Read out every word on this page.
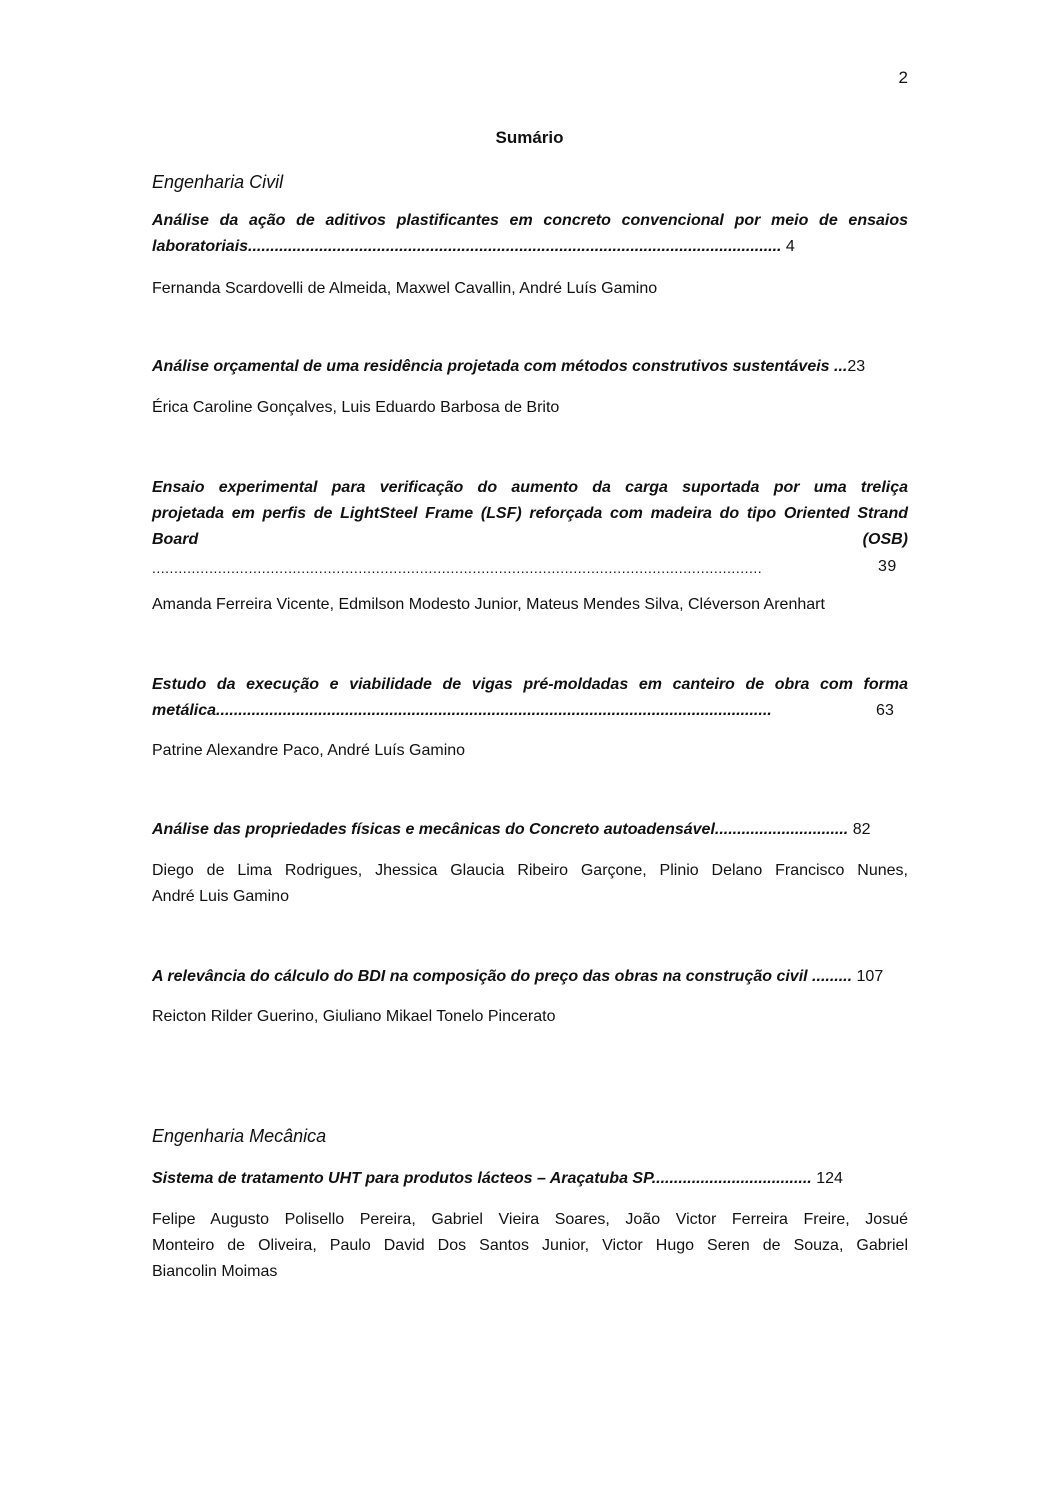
2
Sumário
Engenharia Civil
Análise da ação de aditivos plastificantes em concreto convencional por meio de ensaios
laboratoriais........................................................................................................................ 4
Fernanda Scardovelli de Almeida, Maxwel Cavallin, André Luís Gamino
Análise orçamental de uma residência projetada com métodos construtivos sustentáveis ...23
Érica Caroline Gonçalves, Luis Eduardo Barbosa de Brito
Ensaio experimental para verificação do aumento da carga suportada por uma treliça
projetada em perfis de LightSteel Frame (LSF) reforçada com madeira do tipo Oriented Strand
Board	(OSB)
...........................................................................................................................................	39
Amanda Ferreira Vicente, Edmilson Modesto Junior, Mateus Mendes Silva, Cléverson Arenhart
Estudo da execução e viabilidade de vigas pré-moldadas em canteiro de obra com forma
metálica.............................................................................................................................	63
Patrine Alexandre Paco, André Luís Gamino
Análise das propriedades físicas e mecânicas do Concreto autoadensável.............................. 82
Diego de Lima Rodrigues, Jhessica Glaucia Ribeiro Garçone, Plinio Delano Francisco Nunes,
André Luis Gamino
A relevância do cálculo do BDI na composição do preço das obras na construção civil ......... 107
Reicton Rilder Guerino, Giuliano Mikael Tonelo Pincerato
Engenharia Mecânica
Sistema de tratamento UHT para produtos lácteos – Araçatuba SP.................................... 124
Felipe Augusto Polisello Pereira, Gabriel Vieira Soares, João Victor Ferreira Freire, Josué
Monteiro de Oliveira, Paulo David Dos Santos Junior, Victor Hugo Seren de Souza, Gabriel
Biancolin Moimas
